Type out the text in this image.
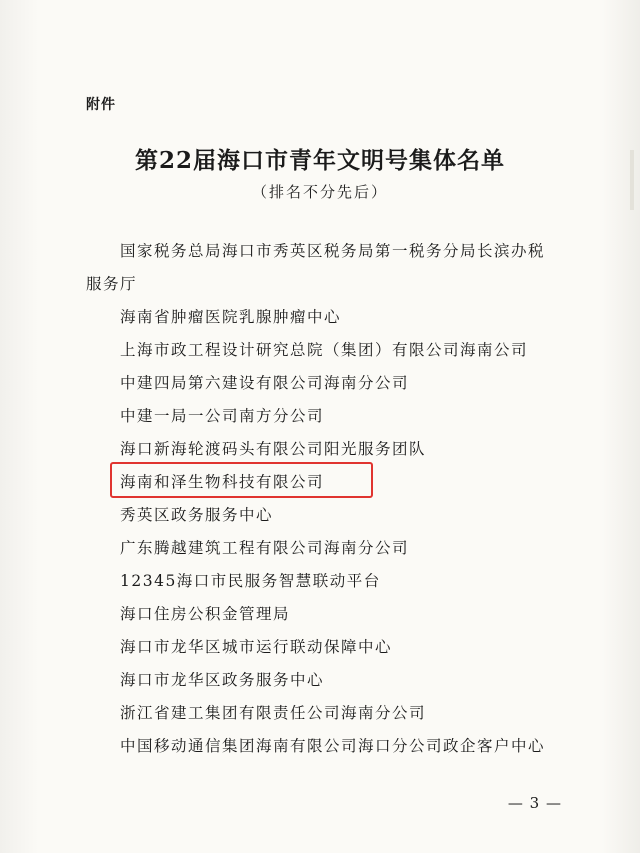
附件
第22届海口市青年文明号集体名单
（排名不分先后）
国家税务总局海口市秀英区税务局第一税务分局长滨办税服务厅
海南省肿瘤医院乳腺肿瘤中心
上海市政工程设计研究总院（集团）有限公司海南公司
中建四局第六建设有限公司海南分公司
中建一局一公司南方分公司
海口新海轮渡码头有限公司阳光服务团队
海南和泽生物科技有限公司
秀英区政务服务中心
广东腾越建筑工程有限公司海南分公司
12345海口市民服务智慧联动平台
海口住房公积金管理局
海口市龙华区城市运行联动保障中心
海口市龙华区政务服务中心
浙江省建工集团有限责任公司海南分公司
中国移动通信集团海南有限公司海口分公司政企客户中心
— 3 —
